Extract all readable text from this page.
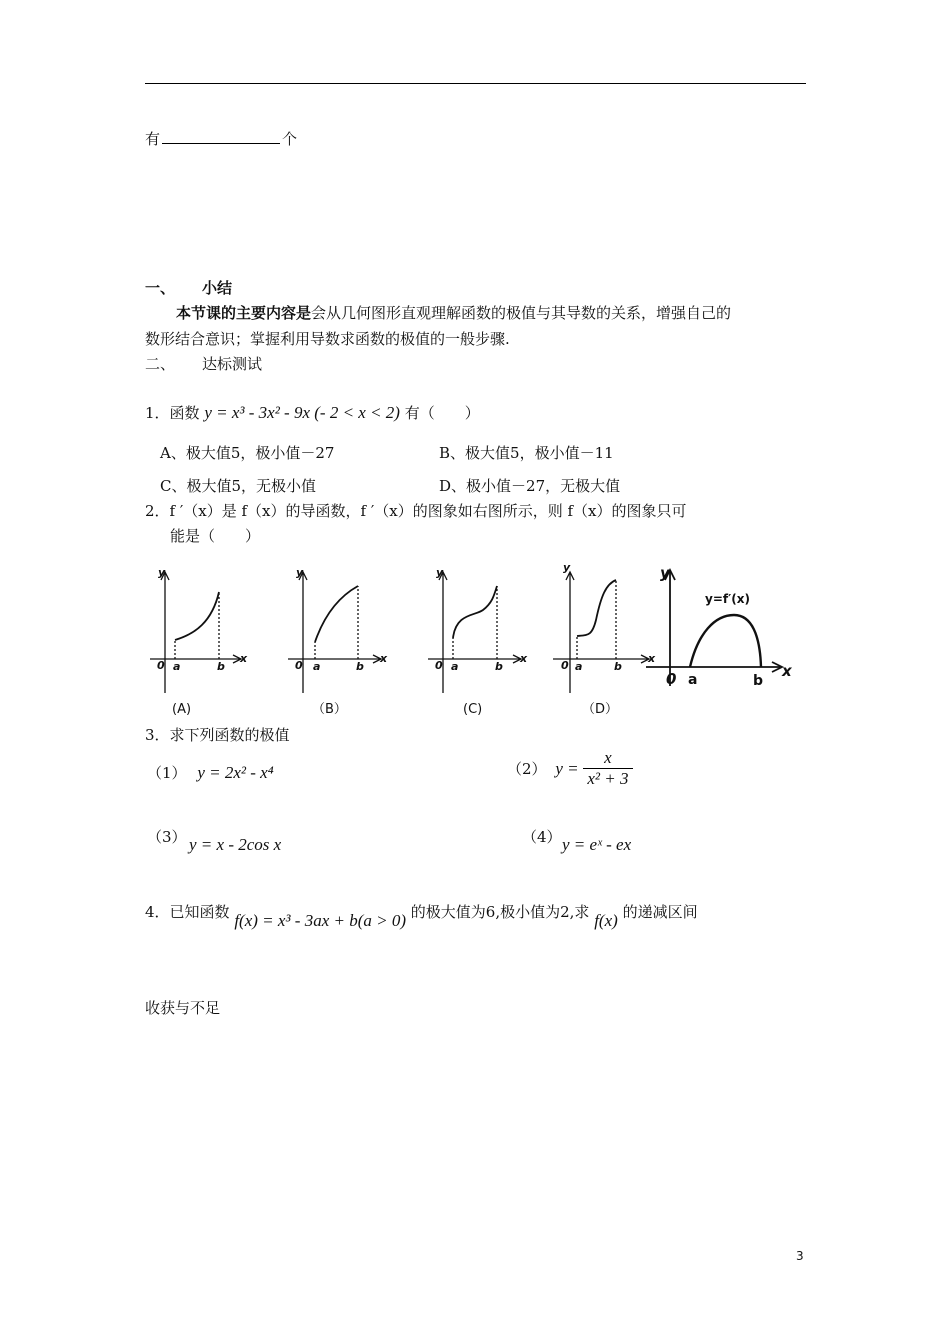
有	个
一、 小结
本节课的主要内容是会从几何图形直观理解函数的极值与其导数的关系，增强自己的
数形结合意识；掌握利用导数求函数的极值的一般步骤.
二、 达标测试
1．函数 y = x³ - 3x² - 9x (- 2 < x < 2) 有（　　）
A、极大值5，极小值－27	B、极大值5，极小值－11
C、极大值5，无极小值	D、极小值－27，无极大值
2．f ′（x）是 f（x）的导函数，f ′（x）的图象如右图所示，则 f（x）的图象只可
能是（　　）
y
x
0 a	b
y
x
0 a	b
y
x
0 a	b
y
x
0 a	b
y
x
0 a	b
y=f′(x)
(A)	（B）	(C)	（D）
3．求下列函数的极值
（1） y = 2x² - x⁴	（2） $y = \frac{x}{\text{x² + 3}}$
（3） y = x - 2cos x	（4） y = eˣ - ex
4．已知函数 f(x) = x³ - 3ax + b(a > 0) 的极大值为6,极小值为2,求 f(x) 的递减区间
收获与不足
3
